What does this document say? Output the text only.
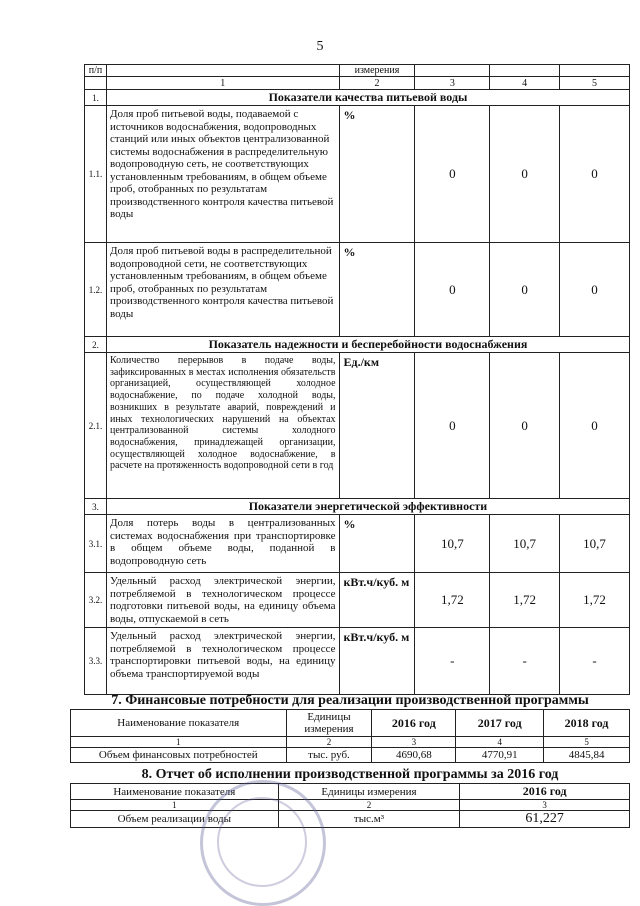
5
п/п		измерения			
	1	2	3	4	5
1.	Показатели качества питьевой воды				
1.1.	Доля проб питьевой воды, подаваемой с источников водоснабжения, водопроводных станций или иных объектов централизованной системы водоснабжения в распределительную водопроводную сеть, не соответствующих установленным требованиям, в общем объеме проб, отобранных по результатам производственного контроля качества питьевой воды	%	0	0	0
1.2.	Доля проб питьевой воды в распределительной водопроводной сети, не соответствующих установленным требованиям, в общем объеме проб, отобранных по результатам производственного контроля качества питьевой воды	%	0	0	0
2.	Показатель надежности и бесперебойности водоснабжения				
2.1.	Количество перерывов в подаче воды, зафиксированных в местах исполнения обязательств организацией, осуществляющей холодное водоснабжение, по подаче холодной воды, возникших в результате аварий, повреждений и иных технологических нарушений на объектах централизованной системы холодного водоснабжения, принадлежащей организации, осуществляющей холодное водоснабжение, в расчете на протяженность водопроводной сети в год	Ед./км	0	0	0
3.	Показатели энергетической эффективности				
3.1.	Доля потерь воды в централизованных системах водоснабжения при транспортировке в общем объеме воды, поданной в водопроводную сеть	%	10,7	10,7	10,7
3.2.	Удельный расход электрической энергии, потребляемой в технологическом процессе подготовки питьевой воды, на единицу объема воды, отпускаемой в сеть	кВт.ч/куб. м	1,72	1,72	1,72
3.3.	Удельный расход электрической энергии, потребляемой в технологическом процессе транспортировки питьевой воды, на единицу объема транспортируемой воды	кВт.ч/куб. м	-	-	-
7. Финансовые потребности для реализации производственной программы
Наименование показателя	Единицы измерения	2016 год	2017 год	2018 год
1	2	3	4	5
Объем финансовых потребностей	тыс. руб.	4690,68	4770,91	4845,84
8. Отчет об исполнении производственной программы за 2016 год
Наименование показателя	Единицы измерения	2016 год
1	2	3
Объем реализации воды	тыс.м³	61,227
